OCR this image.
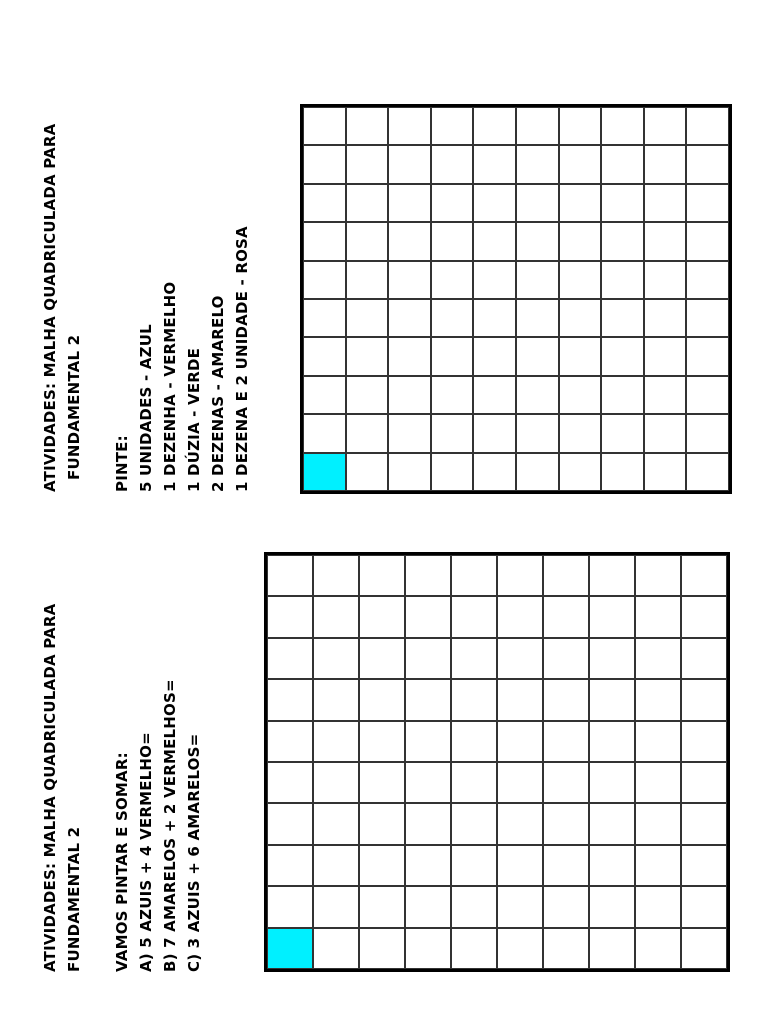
ATIVIDADES: MALHA QUADRICULADA PARA FUNDAMENTAL 2 PINTE: 5 UNIDADES - AZUL 1 DEZENHA - VERMELHO 1 DÚZIA - VERDE 2 DEZENAS - AMARELO 1 DEZENA E 2 UNIDADE - ROSA

ATIVIDADES: MALHA QUADRICULADA PARA FUNDAMENTAL 2 VAMOS PINTAR E SOMAR: A) 5 AZUIS + 4 VERMELHO= B) 7 AMARELOS + 2 VERMELHOS= C) 3 AZUIS + 6 AMARELOS=
